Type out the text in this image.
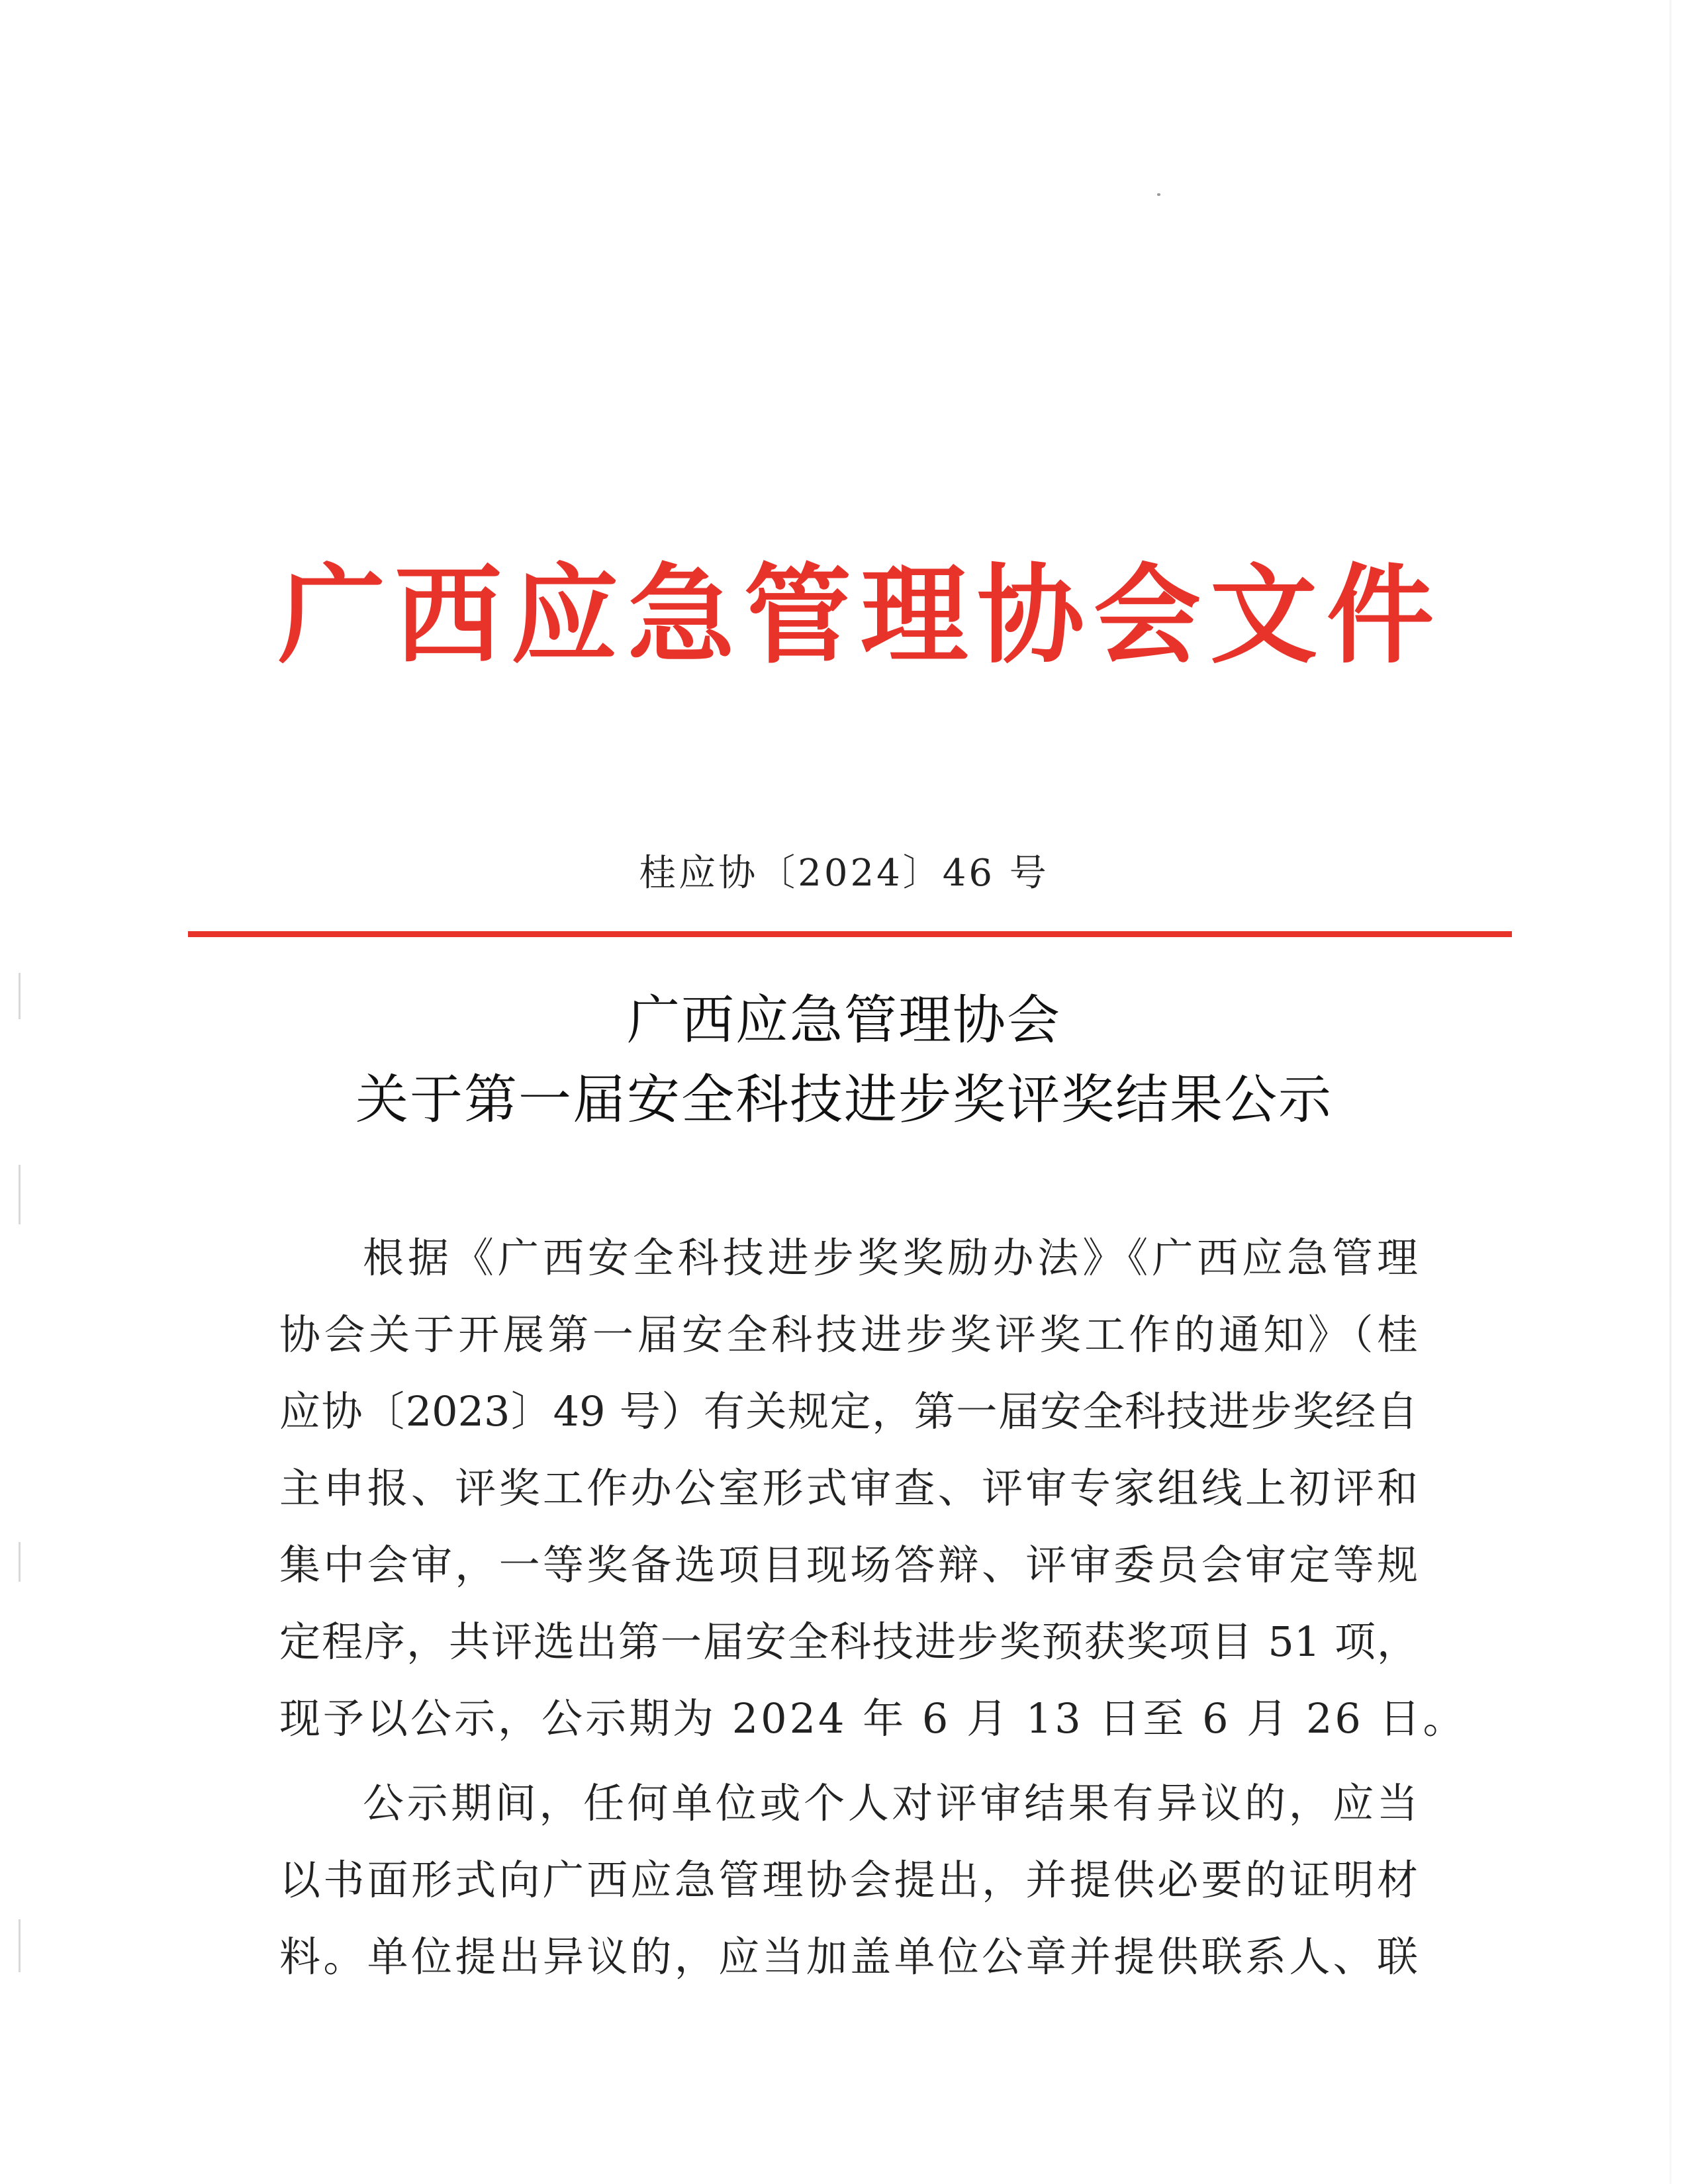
广西应急管理协会文件
桂应协〔2024〕46 号
广西应急管理协会
关于第一届安全科技进步奖评奖结果公示
根据《广西安全科技进步奖奖励办法》《广西应急管理
协会关于开展第一届安全科技进步奖评奖工作的通知》（桂
应协〔2023〕49 号）有关规定，第一届安全科技进步奖经自
主申报、评奖工作办公室形式审查、评审专家组线上初评和
集中会审，一等奖备选项目现场答辩、评审委员会审定等规
定程序，共评选出第一届安全科技进步奖预获奖项目 51 项，
现予以公示，公示期为 2024 年 6 月 13 日至 6 月 26 日。
公示期间，任何单位或个人对评审结果有异议的，应当
以书面形式向广西应急管理协会提出，并提供必要的证明材
料。单位提出异议的，应当加盖单位公章并提供联系人、联
